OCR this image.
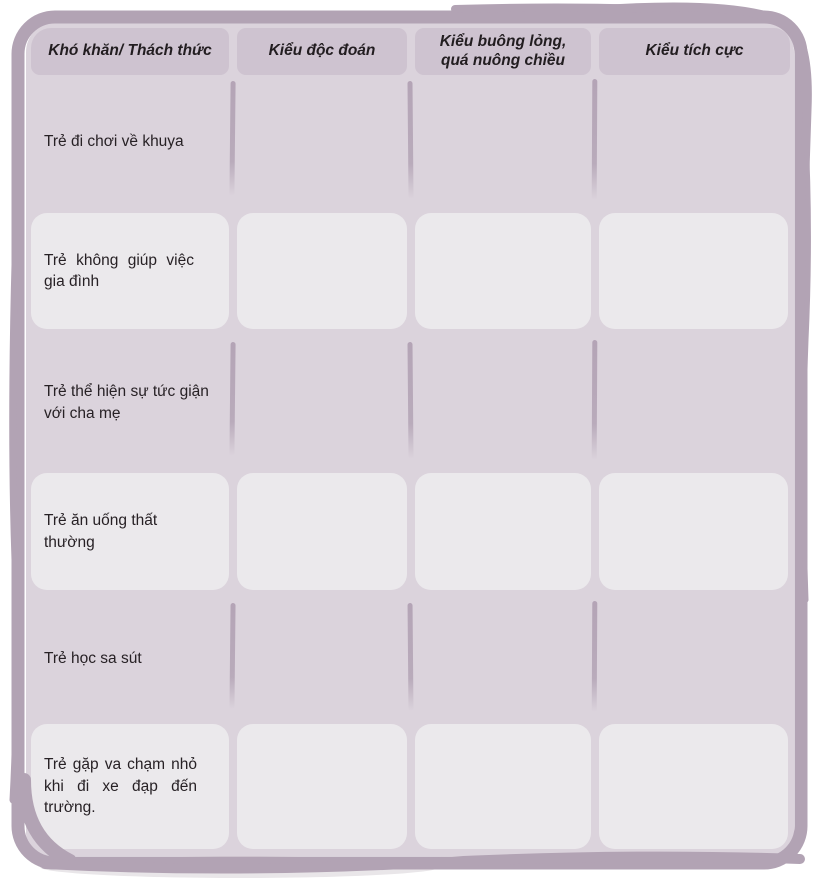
Khó khăn/ Thách thức	Kiểu độc đoán
Kiểu buông lỏng, quá nuông chiều
Kiểu tích cực
Trẻ đi chơi về khuya
Trẻ không giúp việc gia đình
Trẻ thể hiện sự tức giận với cha mẹ
Trẻ ăn uống thất thường
Trẻ học sa sút
Trẻ gặp va chạm nhỏ khi đi xe đạp đến trường.
